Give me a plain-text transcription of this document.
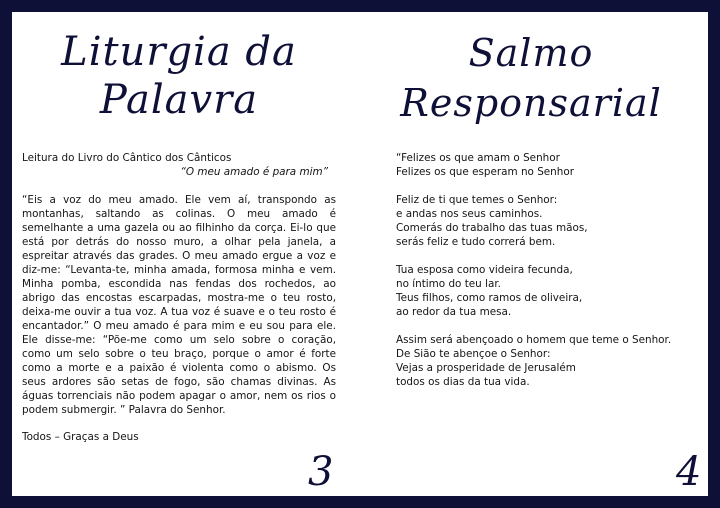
Liturgia da
Palavra
Leitura do Livro do Cântico dos Cânticos
“O meu amado é para mim”
“Eis a voz do meu amado. Ele vem aí, transpondo as montanhas, saltando as colinas. O meu amado é semelhante a uma gazela ou ao filhinho da corça. Ei-lo que está por detrás do nosso muro, a olhar pela janela, a espreitar através das grades. O meu amado ergue a voz e diz-me: “Levanta-te, minha amada, formosa minha e vem. Minha pomba, escondida nas fendas dos rochedos, ao abrigo das encostas escarpadas, mostra-me o teu rosto, deixa-me ouvir a tua voz. A tua voz é suave e o teu rosto é encantador.” O meu amado é para mim e eu sou para ele. Ele disse-me: “Põe-me como um selo sobre o coração, como um selo sobre o teu braço, porque o amor é forte como a morte e a paixão é violenta como o abismo. Os seus ardores são setas de fogo, são chamas divinas. As águas torrenciais não podem apagar o amor, nem os rios o podem submergir. ” Palavra do Senhor.
Todos – Graças a Deus
3
Salmo
Responsarial

“Felizes os que amam o Senhor
Felizes os que esperam no Senhor

Feliz de ti que temes o Senhor:
e andas nos seus caminhos.
Comerás do trabalho das tuas mãos,
serás feliz e tudo correrá bem.

Tua esposa como videira fecunda,
no íntimo do teu lar.
Teus filhos, como ramos de oliveira,
ao redor da tua mesa.

Assim será abençoado o homem que teme o Senhor.
De Sião te abençoe o Senhor:
Vejas a prosperidade de Jerusalém
todos os dias da tua vida.

4
